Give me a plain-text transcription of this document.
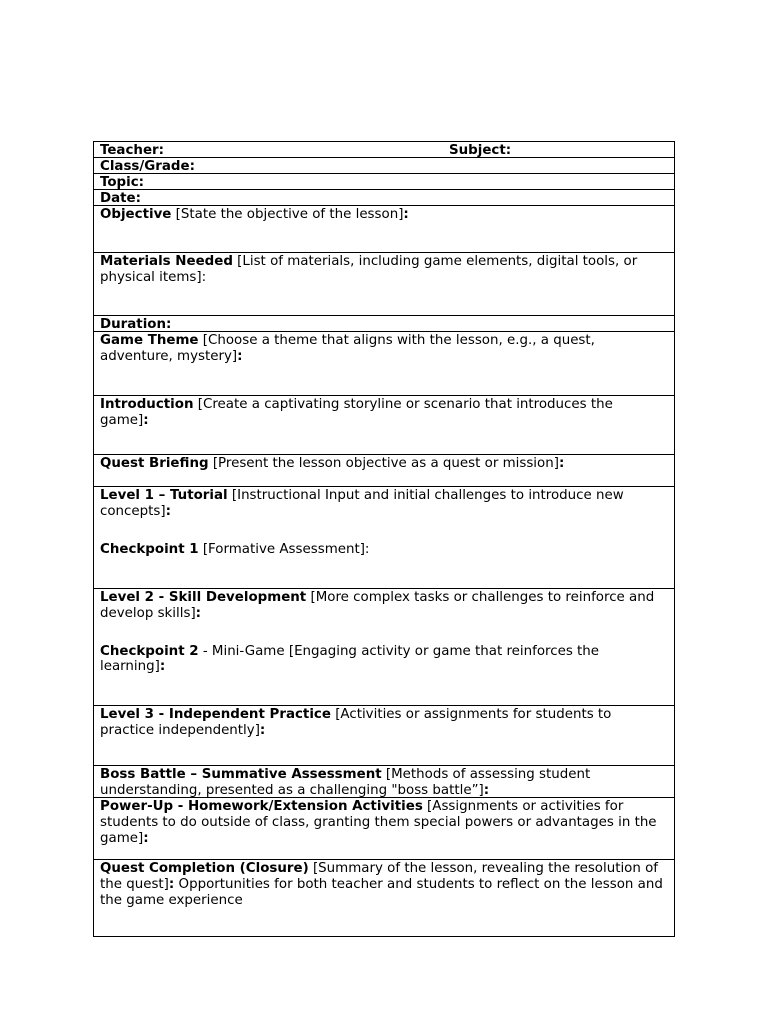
Teacher:	Subject:
Class/Grade:
Topic:
Date:
Objective [State the objective of the lesson]:
Materials Needed [List of materials, including game elements, digital tools, or physical items]:
Duration:
Game Theme [Choose a theme that aligns with the lesson, e.g., a quest, adventure, mystery]:
Introduction [Create a captivating storyline or scenario that introduces the game]:
Quest Briefing [Present the lesson objective as a quest or mission]:
Level 1 – Tutorial [Instructional Input and initial challenges to introduce new concepts]:
Checkpoint 1 [Formative Assessment]:
Level 2 - Skill Development [More complex tasks or challenges to reinforce and develop skills]:
Checkpoint 2 - Mini-Game [Engaging activity or game that reinforces the learning]:
Level 3 - Independent Practice [Activities or assignments for students to practice independently]:
Boss Battle – Summative Assessment [Methods of assessing student understanding, presented as a challenging "boss battle”]:
Power-Up - Homework/Extension Activities [Assignments or activities for students to do outside of class, granting them special powers or advantages in the game]:
Quest Completion (Closure) [Summary of the lesson, revealing the resolution of the quest]: Opportunities for both teacher and students to reflect on the lesson and the game experience
